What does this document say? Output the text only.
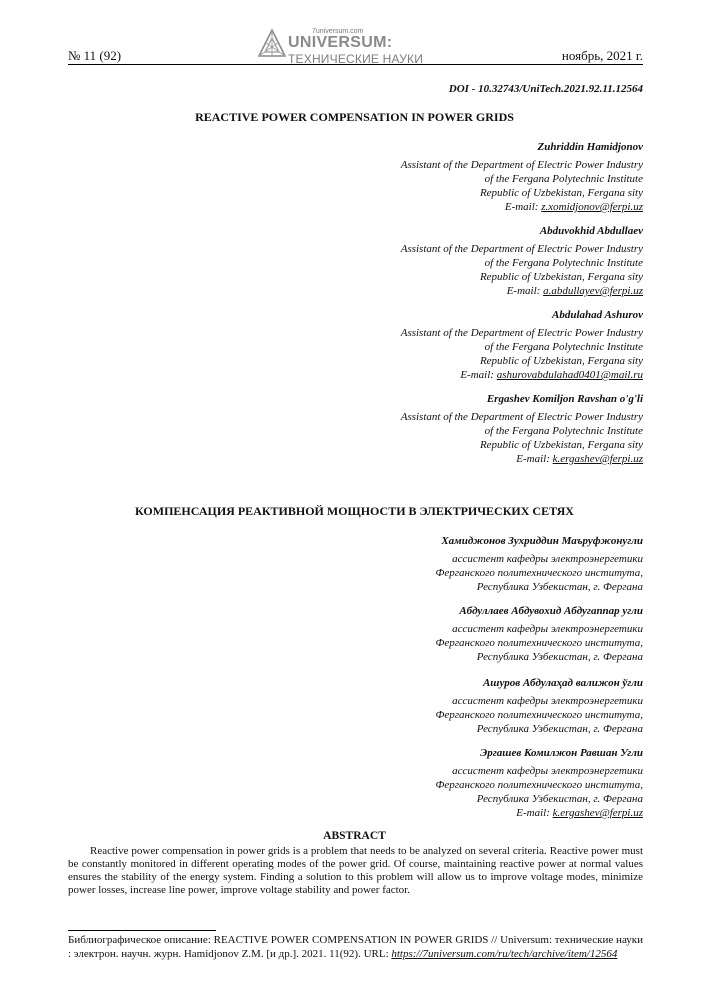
№ 11 (92)	ноябрь, 2021 г.
7universum.com
UNIVERSUM:
ТЕХНИЧЕСКИЕ НАУКИ
DOI - 10.32743/UniTech.2021.92.11.12564
REACTIVE POWER COMPENSATION IN POWER GRIDS
Zuhriddin Hamidjonov
Assistant of the Department of Electric Power Industry
of the Fergana Polytechnic Institute
Republic of Uzbekistan, Fergana sity
E-mail: z.xomidjonov@ferpi.uz
Abduvokhid Abdullaev
Assistant of the Department of Electric Power Industry
of the Fergana Polytechnic Institute
Republic of Uzbekistan, Fergana sity
E-mail: a.abdullayev@ferpi.uz
Abdulahad Ashurov
Assistant of the Department of Electric Power Industry
of the Fergana Polytechnic Institute
Republic of Uzbekistan, Fergana sity
E-mail: ashurovabdulahad0401@mail.ru
Ergashev Komiljon Ravshan o'g'li
Assistant of the Department of Electric Power Industry
of the Fergana Polytechnic Institute
Republic of Uzbekistan, Fergana sity
E-mail: k.ergashev@ferpi.uz
КОМПЕНСАЦИЯ РЕАКТИВНОЙ МОЩНОСТИ В ЭЛЕКТРИЧЕСКИХ СЕТЯХ
Хамиджонов Зухриддин Маъруфжонугли
ассистент кафедры электроэнергетики
Ферганского политехнического института,
Республика Узбекистан, г. Фергана
Абдуллаев Абдувохид Абдугаппар угли
ассистент кафедры электроэнергетики
Ферганского политехнического института,
Республика Узбекистан, г. Фергана
Ашуров Абдулаҳад валижон ўгли
ассистент кафедры электроэнергетики
Ферганского политехнического института,
Республика Узбекистан, г. Фергана
Эргашев Комилжон Равшан Угли
ассистент кафедры электроэнергетики
Ферганского политехнического института,
Республика Узбекистан, г. Фергана
E-mail: k.ergashev@ferpi.uz
ABSTRACT
Reactive power compensation in power grids is a problem that needs to be analyzed on several criteria. Reactive power must be constantly monitored in different operating modes of the power grid. Of course, maintaining reactive power at normal values ensures the stability of the energy system. Finding a solution to this problem will allow us to improve voltage modes, minimize power losses, increase line power, improve voltage stability and power factor.
Библиографическое описание: REACTIVE POWER COMPENSATION IN POWER GRIDS // Universum: технические науки : электрон. научн. журн. Hamidjonov Z.M. [и др.]. 2021. 11(92). URL: https://7universum.com/ru/tech/archive/item/12564
